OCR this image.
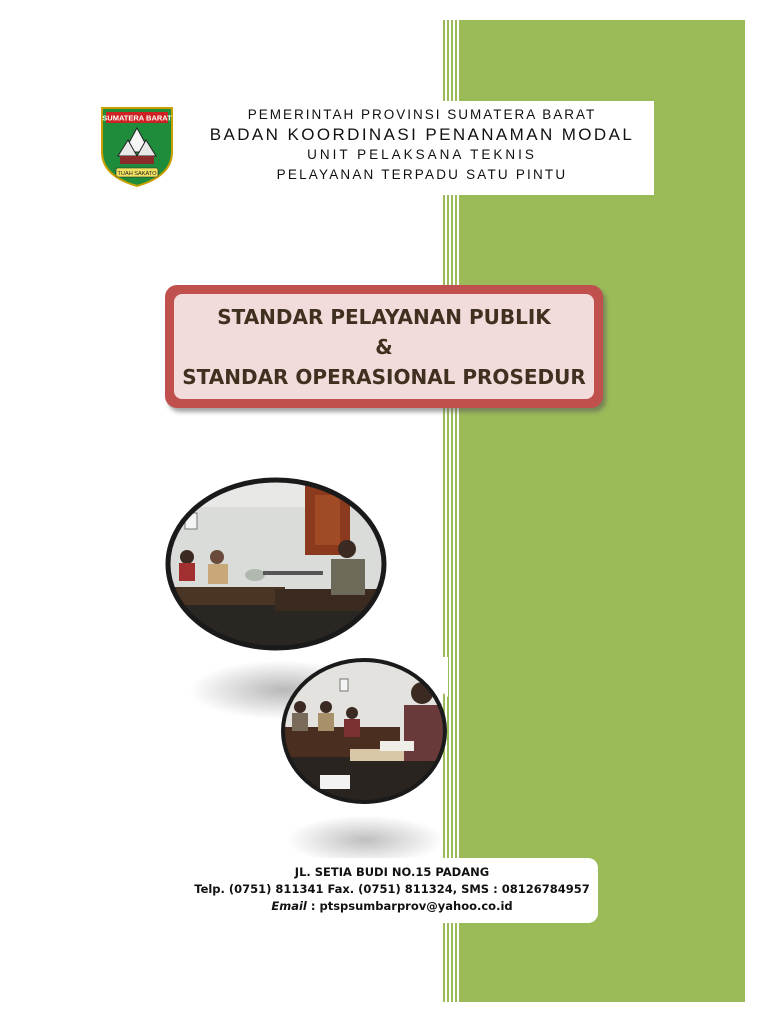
SUMATERA BARAT
TUAH SAKATO
PEMERINTAH PROVINSI SUMATERA BARAT
BADAN KOORDINASI PENANAMAN MODAL
UNIT PELAKSANA TEKNIS
PELAYANAN TERPADU SATU PINTU
STANDAR PELAYANAN PUBLIK
&
STANDAR OPERASIONAL PROSEDUR
JL. SETIA BUDI NO.15 PADANG
Telp. (0751) 811341 Fax. (0751) 811324, SMS : 08126784957
Email : ptspsumbarprov@yahoo.co.id
